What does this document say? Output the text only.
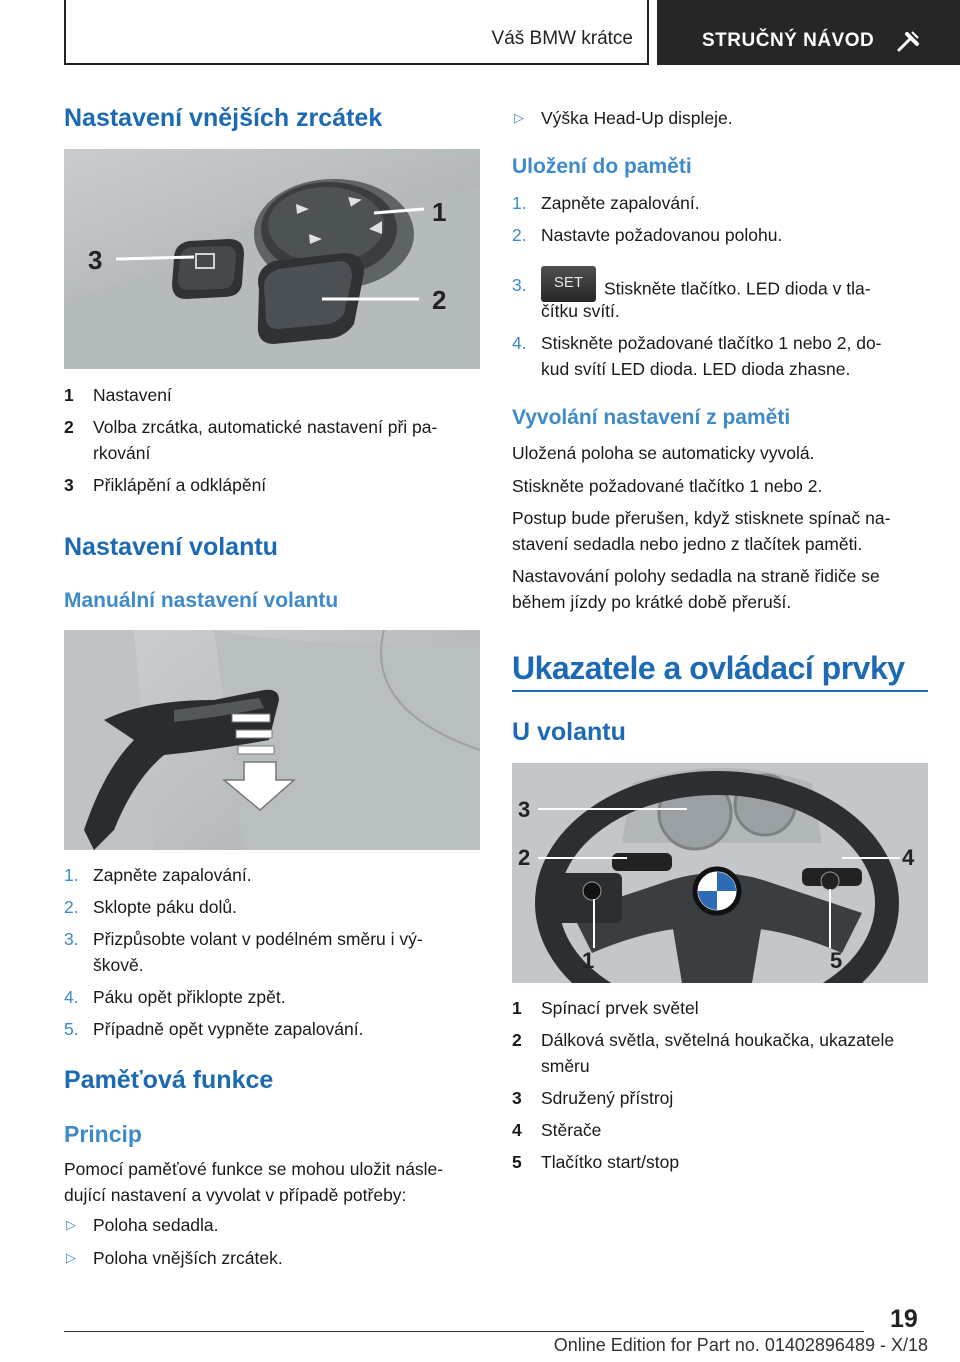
Váš BMW krátce	STRUČNÝ NÁVOD
Nastavení vnějších zrcátek
1
2
3
1 Nastavení
2 Volba zrcátka, automatické nastavení při pa‐
rkování
3 Přiklápění a odklápění
Nastavení volantu
Manuální nastavení volantu
1. Zapněte zapalování.
2. Sklopte páku dolů.
3. Přizpůsobte volant v podélném směru i vý‐
škově.
4. Páku opět přiklopte zpět.
5. Případně opět vypněte zapalování.
Paměťová funkce
Princip
Pomocí paměťové funkce se mohou uložit násle‐
dující nastavení a vyvolat v případě potřeby:
▷ Poloha sedadla.
▷ Poloha vnějších zrcátek.
▷ Výška Head-Up displeje.
Uložení do paměti
1. Zapněte zapalování.
2. Nastavte požadovanou polohu.
3.	SET Stiskněte tlačítko. LED dioda v tla‐
čítku svítí.
4. Stiskněte požadované tlačítko 1 nebo 2, do‐
kud svítí LED dioda. LED dioda zhasne.
Vyvolání nastavení z paměti
Uložená poloha se automaticky vyvolá.
Stiskněte požadované tlačítko 1 nebo 2.
Postup bude přerušen, když stisknete spínač na‐
stavení sedadla nebo jedno z tlačítek paměti.
Nastavování polohy sedadla na straně řidiče se
během jízdy po krátké době přeruší.
Ukazatele a ovládací prvky
U volantu
1
2
3
4
5
1 Spínací prvek světel
2 Dálková světla, světelná houkačka, ukazatele
směru
3 Sdružený přístroj
4 Stěrače
5 Tlačítko start/stop
19
Online Edition for Part no. 01402896489 - X/18
